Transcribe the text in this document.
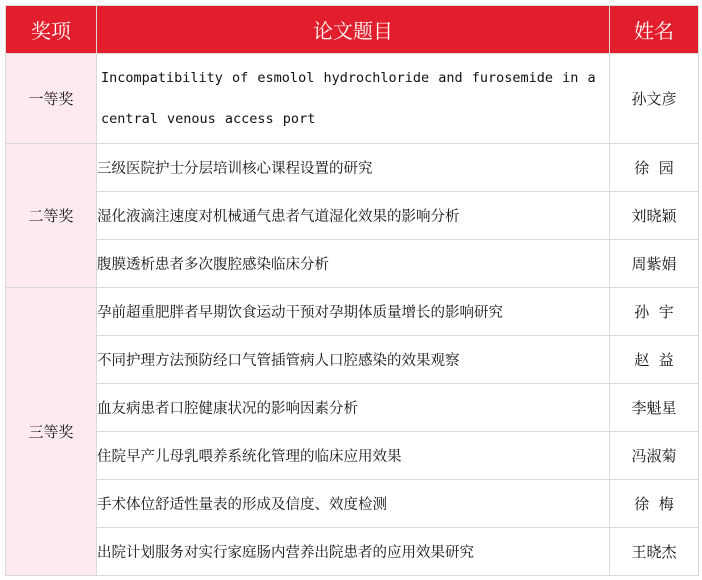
奖项	论文题目	姓名
一等奖	Incompatibility of esmolol hydrochloride and furosemide in a central venous access port	孙文彦
二等奖	三级医院护士分层培训核心课程设置的研究	徐  园
	湿化液滴注速度对机械通气患者气道湿化效果的影响分析	刘晓颖
	腹膜透析患者多次腹腔感染临床分析	周紫娟
三等奖	孕前超重肥胖者早期饮食运动干预对孕期体质量增长的影响研究	孙  宇
	不同护理方法预防经口气管插管病人口腔感染的效果观察	赵  益
	血友病患者口腔健康状况的影响因素分析	李魁星
	住院早产儿母乳喂养系统化管理的临床应用效果	冯淑菊
	手术体位舒适性量表的形成及信度、效度检测	徐  梅
	出院计划服务对实行家庭肠内营养出院患者的应用效果研究	王晓杰
